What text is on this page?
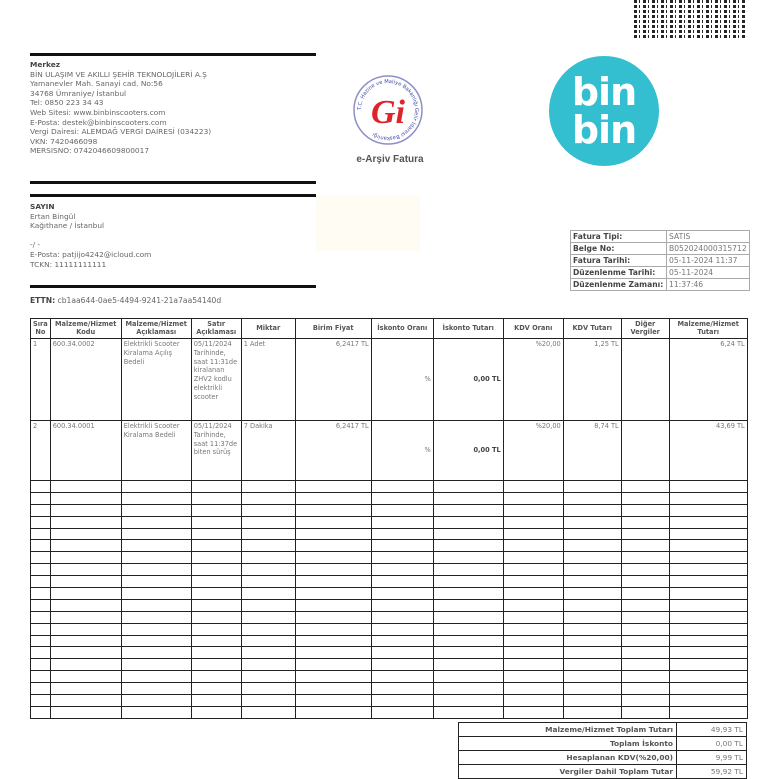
Merkez
BİN ULAŞIM VE AKILLI ŞEHİR TEKNOLOJİLERİ A.Ş
Yamanevler Mah. Sanayi cad. No:56
34768 Ümraniye/ İstanbul
Tel: 0850 223 34 43
Web Sitesi: www.binbinscooters.com
E-Posta: destek@binbinscooters.com
Vergi Dairesi: ALEMDAĞ VERGİ DAİRESİ (034223)
VKN: 7420466098
MERSISNO: 0742046609800017
SAYIN
Ertan Bingül
Kağıthane / İstanbul

-/ -
E-Posta: patjijo4242@icloud.com
TCKN: 11111111111
ETTN: cb1aa644-0ae5-4494-9241-21a7aa54140d
T.C. Hazine ve Maliye Bakanlığı Gelir İdaresi Başkanlığı
Gi
e-Arşiv Fatura
bin
bin
Fatura Tipi:	SATIS
Belge No:	B052024000315712
Fatura Tarihi:	05-11-2024 11:37
Düzenlenme Tarihi:	05-11-2024
Düzenlenme Zamanı:	11:37:46
Sıra No	Malzeme/Hizmet Kodu	Malzeme/Hizmet Açıklaması	Satır Açıklaması	Miktar	Birim Fiyat	İskonto Oranı	İskonto Tutarı	KDV Oranı	KDV Tutarı	Diğer Vergiler	Malzeme/Hizmet Tutarı
1	600.34.0002	Elektrikli Scooter Kiralama Açılış Bedeli	05/11/2024 Tarihinde, saat 11:31de kiralanan ZHV2 kodlu elektrikli scooter	1 Adet	6,2417 TL	%	0,00 TL	%20,00	1,25 TL		6,24 TL
2	600.34.0001	Elektrikli Scooter Kiralama Bedeli	05/11/2024 Tarihinde, saat 11:37de biten sürüş	7 Dakika	6,2417 TL	%	0,00 TL	%20,00	8,74 TL		43,69 TL

Malzeme/Hizmet Toplam Tutarı	49,93 TL
Toplam İskonto	0,00 TL
Hesaplanan KDV(%20,00)	9,99 TL
Vergiler Dahil Toplam Tutar	59,92 TL
